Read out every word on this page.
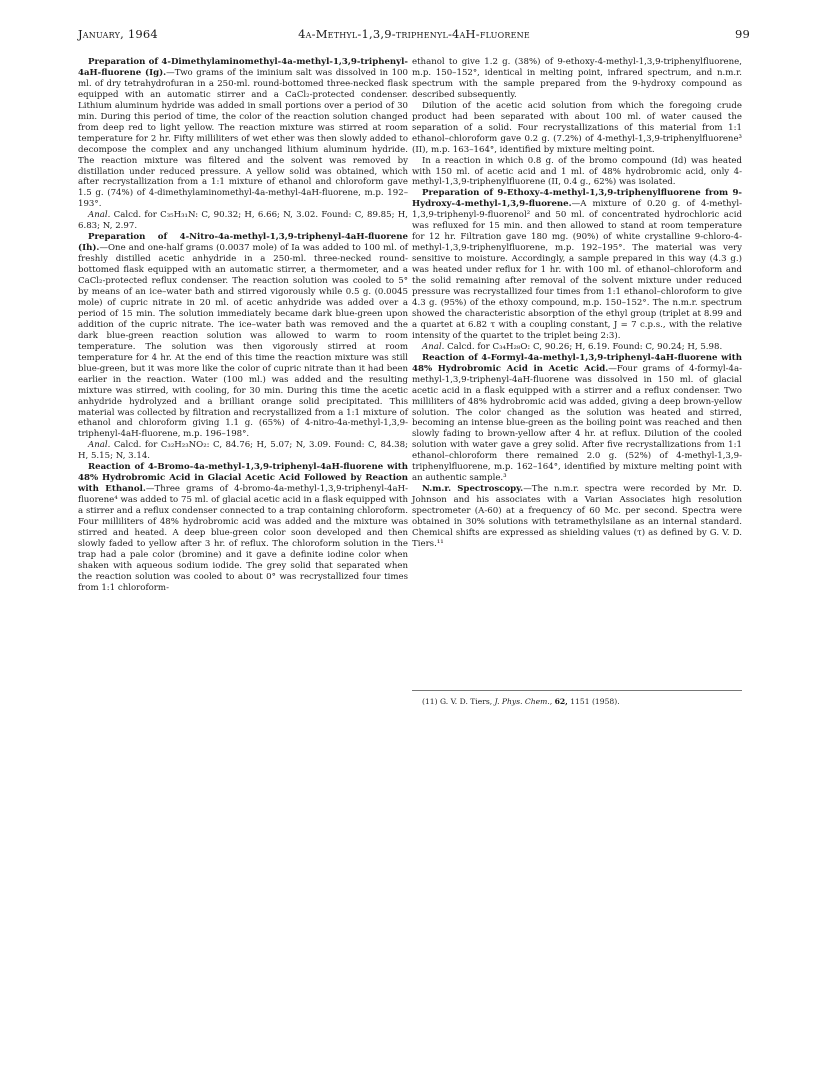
January, 1964	4a-Methyl-1,3,9-triphenyl-4aH-fluorene	99

Preparation of 4-Dimethylaminomethyl-4a-methyl-1,3,9-triphenyl-4aH-fluorene (Ig).—Two grams of the iminium salt was dissolved in 100 ml. of dry tetrahydrofuran in a 250-ml. round-bottomed three-necked flask equipped with an automatic stirrer and a CaCl₂-protected condenser. Lithium aluminum hydride was added in small portions over a period of 30 min. During this period of time, the color of the reaction solution changed from deep red to light yellow. The reaction mixture was stirred at room temperature for 2 hr. Fifty milliliters of wet ether was then slowly added to decompose the complex and any unchanged lithium aluminum hydride. The reaction mixture was filtered and the solvent was removed by distillation under reduced pressure. A yellow solid was obtained, which after recrystallization from a 1:1 mixture of ethanol and chloroform gave 1.5 g. (74%) of 4-dimethylaminomethyl-4a-methyl-4aH-fluorene, m.p. 192–193°.

Anal. Calcd. for C₃₅H₃₁N: C, 90.32; H, 6.66; N, 3.02. Found: C, 89.85; H, 6.83; N, 2.97.

Preparation of 4-Nitro-4a-methyl-1,3,9-triphenyl-4aH-fluorene (Ih).—One and one-half grams (0.0037 mole) of Ia was added to 100 ml. of freshly distilled acetic anhydride in a 250-ml. three-necked round-bottomed flask equipped with an automatic stirrer, a thermometer, and a CaCl₂-protected reflux condenser. The reaction solution was cooled to 5° by means of an ice–water bath and stirred vigorously while 0.5 g. (0.0045 mole) of cupric nitrate in 20 ml. of acetic anhydride was added over a period of 15 min. The solution immediately became dark blue-green upon addition of the cupric nitrate. The ice–water bath was removed and the dark blue-green reaction solution was allowed to warm to room temperature. The solution was then vigorously stirred at room temperature for 4 hr. At the end of this time the reaction mixture was still blue-green, but it was more like the color of cupric nitrate than it had been earlier in the reaction. Water (100 ml.) was added and the resulting mixture was stirred, with cooling, for 30 min. During this time the acetic anhydride hydrolyzed and a brilliant orange solid precipitated. This material was collected by filtration and recrystallized from a 1:1 mixture of ethanol and chloroform giving 1.1 g. (65%) of 4-nitro-4a-methyl-1,3,9-triphenyl-4aH-fluorene, m.p. 196–198°.

Anal. Calcd. for C₃₂H₂₃NO₂: C, 84.76; H, 5.07; N, 3.09. Found: C, 84.38; H, 5.15; N, 3.14.

Reaction of 4-Bromo-4a-methyl-1,3,9-triphenyl-4aH-fluorene with 48% Hydrobromic Acid in Glacial Acetic Acid Followed by Reaction with Ethanol.—Three grams of 4-bromo-4a-methyl-1,3,9-triphenyl-4aH-fluorene⁴ was added to 75 ml. of glacial acetic acid in a flask equipped with a stirrer and a reflux condenser connected to a trap containing chloroform. Four milliliters of 48% hydrobromic acid was added and the mixture was stirred and heated. A deep blue-green color soon developed and then slowly faded to yellow after 3 hr. of reflux. The chloroform solution in the trap had a pale color (bromine) and it gave a definite iodine color when shaken with aqueous sodium iodide. The grey solid that separated when the reaction solution was cooled to about 0° was recrystallized four times from 1:1 chloroform-

ethanol to give 1.2 g. (38%) of 9-ethoxy-4-methyl-1,3,9-triphenylfluorene, m.p. 150–152°, identical in melting point, infrared spectrum, and n.m.r. spectrum with the sample prepared from the 9-hydroxy compound as described subsequently.

Dilution of the acetic acid solution from which the foregoing crude product had been separated with about 100 ml. of water caused the separation of a solid. Four recrystallizations of this material from 1:1 ethanol–chloroform gave 0.2 g. (7.2%) of 4-methyl-1,3,9-triphenylfluorene³ (II), m.p. 163–164°, identified by mixture melting point.

In a reaction in which 0.8 g. of the bromo compound (Id) was heated with 150 ml. of acetic acid and 1 ml. of 48% hydrobromic acid, only 4-methyl-1,3,9-triphenylfluorene (II, 0.4 g., 62%) was isolated.

Preparation of 9-Ethoxy-4-methyl-1,3,9-triphenylfluorene from 9-Hydroxy-4-methyl-1,3,9-fluorene.—A mixture of 0.20 g. of 4-methyl-1,3,9-triphenyl-9-fluorenol² and 50 ml. of concentrated hydrochloric acid was refluxed for 15 min. and then allowed to stand at room temperature for 12 hr. Filtration gave 180 mg. (90%) of white crystalline 9-chloro-4-methyl-1,3,9-triphenylfluorene, m.p. 192–195°. The material was very sensitive to moisture. Accordingly, a sample prepared in this way (4.3 g.) was heated under reflux for 1 hr. with 100 ml. of ethanol–chloroform and the solid remaining after removal of the solvent mixture under reduced pressure was recrystallized four times from 1:1 ethanol–chloroform to give 4.3 g. (95%) of the ethoxy compound, m.p. 150–152°. The n.m.r. spectrum showed the characteristic absorption of the ethyl group (triplet at 8.99 and a quartet at 6.82 τ with a coupling constant, J = 7 c.p.s., with the relative intensity of the quartet to the triplet being 2:3).

Anal. Calcd. for C₃₄H₂₈O: C, 90.26; H, 6.19. Found: C, 90.24; H, 5.98.

Reaction of 4-Formyl-4a-methyl-1,3,9-triphenyl-4aH-fluorene with 48% Hydrobromic Acid in Acetic Acid.—Four grams of 4-formyl-4a-methyl-1,3,9-triphenyl-4aH-fluorene was dissolved in 150 ml. of glacial acetic acid in a flask equipped with a stirrer and a reflux condenser. Two milliliters of 48% hydrobromic acid was added, giving a deep brown-yellow solution. The color changed as the solution was heated and stirred, becoming an intense blue-green as the boiling point was reached and then slowly fading to brown-yellow after 4 hr. at reflux. Dilution of the cooled solution with water gave a grey solid. After five recrystallizations from 1:1 ethanol–chloroform there remained 2.0 g. (52%) of 4-methyl-1,3,9-triphenylfluorene, m.p. 162–164°, identified by mixture melting point with an authentic sample.³

N.m.r. Spectroscopy.—The n.m.r. spectra were recorded by Mr. D. Johnson and his associates with a Varian Associates high resolution spectrometer (A-60) at a frequency of 60 Mc. per second. Spectra were obtained in 30% solutions with tetramethylsilane as an internal standard. Chemical shifts are expressed as shielding values (τ) as defined by G. V. D. Tiers.¹¹

(11) G. V. D. Tiers, J. Phys. Chem., 62, 1151 (1958).
